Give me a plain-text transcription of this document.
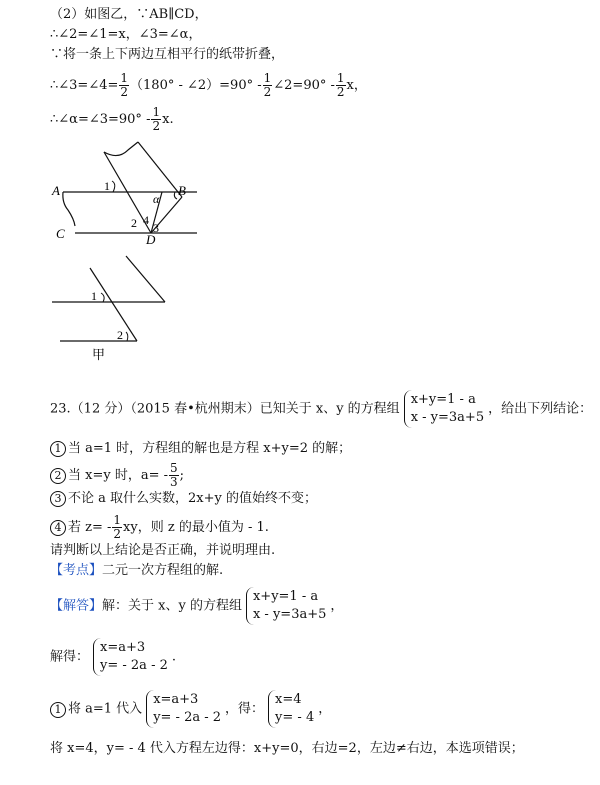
（2）如图乙，∵AB∥CD，
∴∠2=∠1=x，∠3=∠α，
∵将一条上下两边互相平行的纸带折叠，
∴∠3=∠4= $\frac{1}{2} (180^\circ$ - ∠2）=90° - $\frac{1}{2}$ ∠2=90° - $\frac{1}{2}$ x，
∴∠α=∠3=90° - $\frac{1}{2} x$.
A	B
C	D
1
2 3
4
α
1
2
甲
23.（12 分）（2015 春•杭州期末）已知关于 x、y 的方程组
x+y=1 - a
x - y=3a+5
，给出下列结论：
1 当 a=1 时，方程组的解也是方程 x+y=2 的解；
2 当 x=y 时，$a= - \frac{5}{3}$ ;
3 不论 a 取什么实数，2x+y 的值始终不变；
4 若 $z= - \frac{1}{2}$ xy，则 z 的最小值为 - 1.
请判断以上结论是否正确，并说明理由.
【考点】二元一次方程组的解.
【解答】解：关于 x、y 的方程组
x+y=1 - a
x - y=3a+5
，
解得：
x=a+3
y= - 2a - 2
.
1 将 a=1 代入
x=a+3
y= - 2a - 2
，得：
x=4
y= - 4
，
将 x=4，y= - 4 代入方程左边得：x+y=0，右边=2，左边≠右边，本选项错误；
